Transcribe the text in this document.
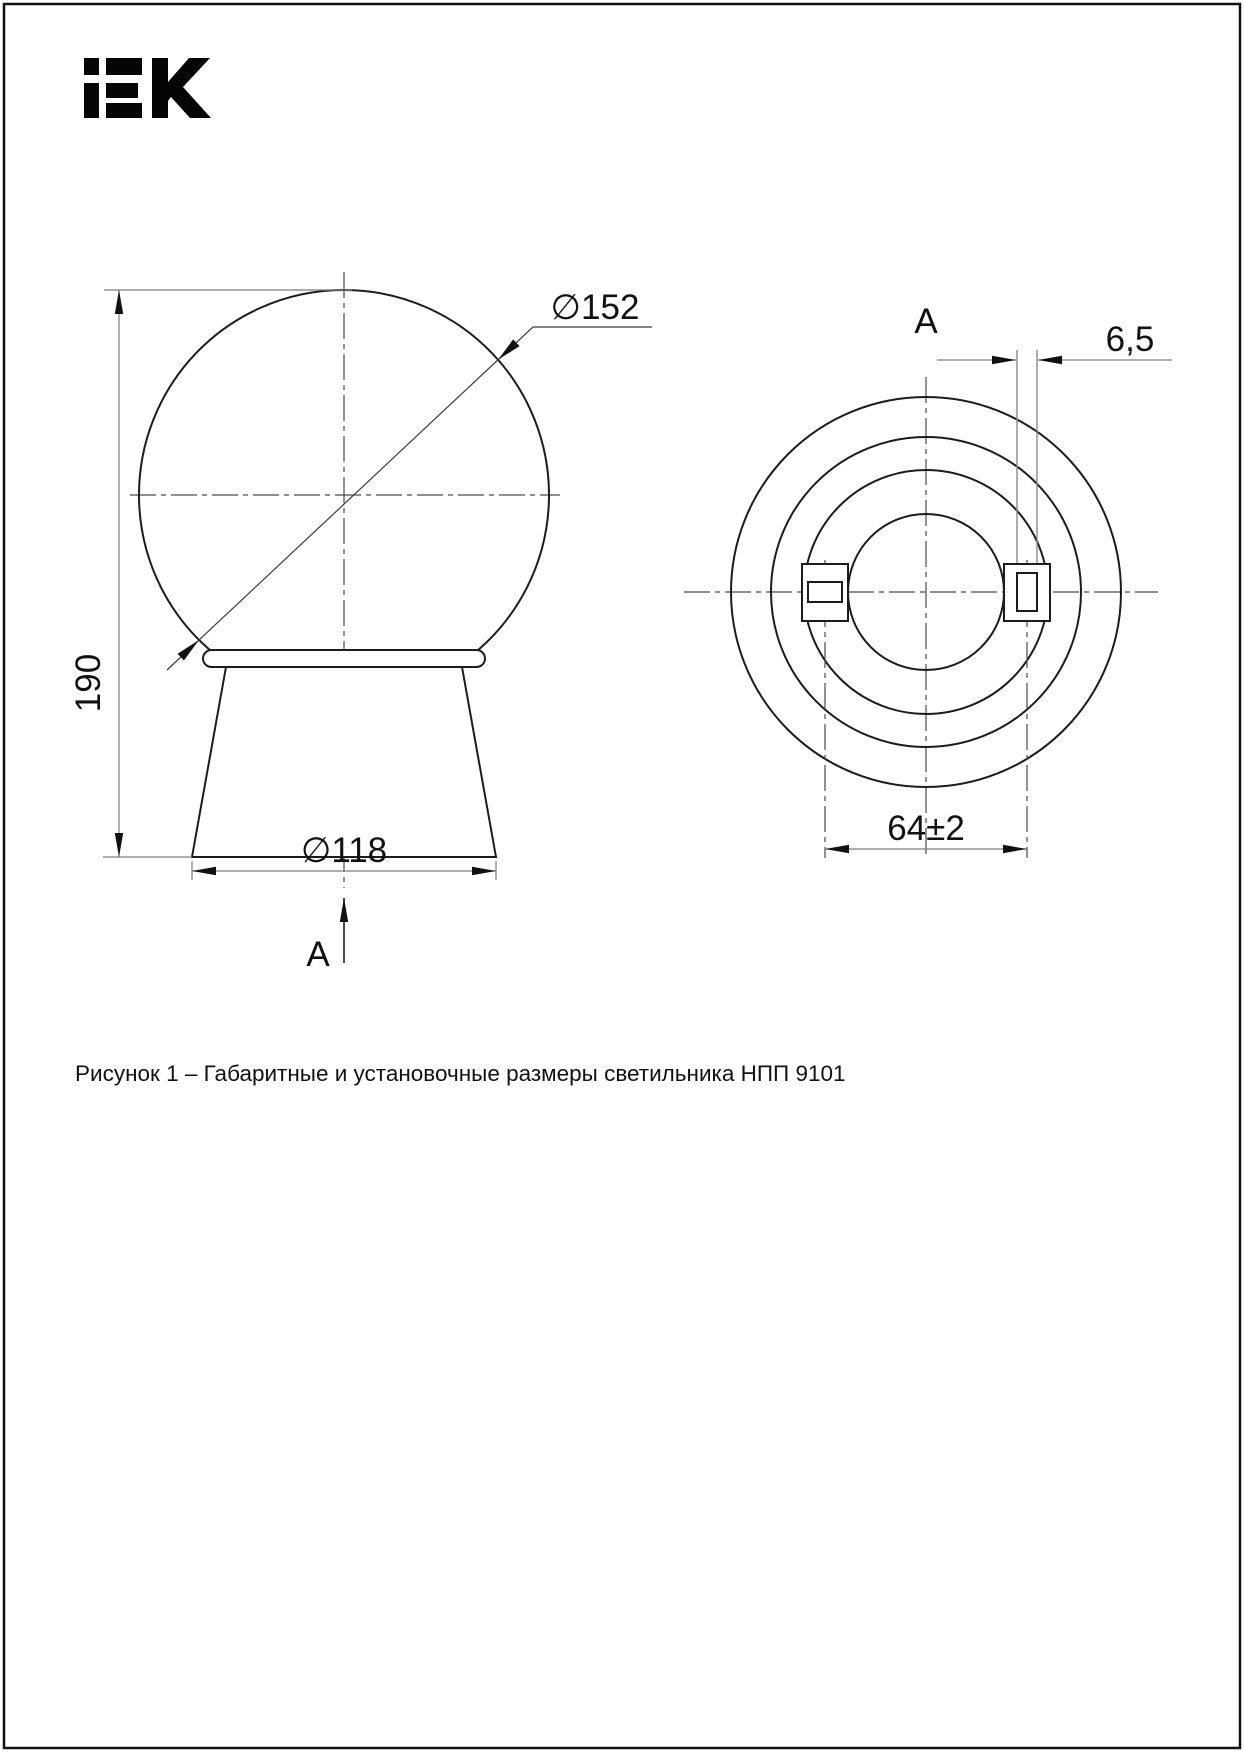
190
∅152
∅118
A
A	6,5
64±2
Рисунок 1 – Габаритные и установочные размеры светильника НПП 9101
